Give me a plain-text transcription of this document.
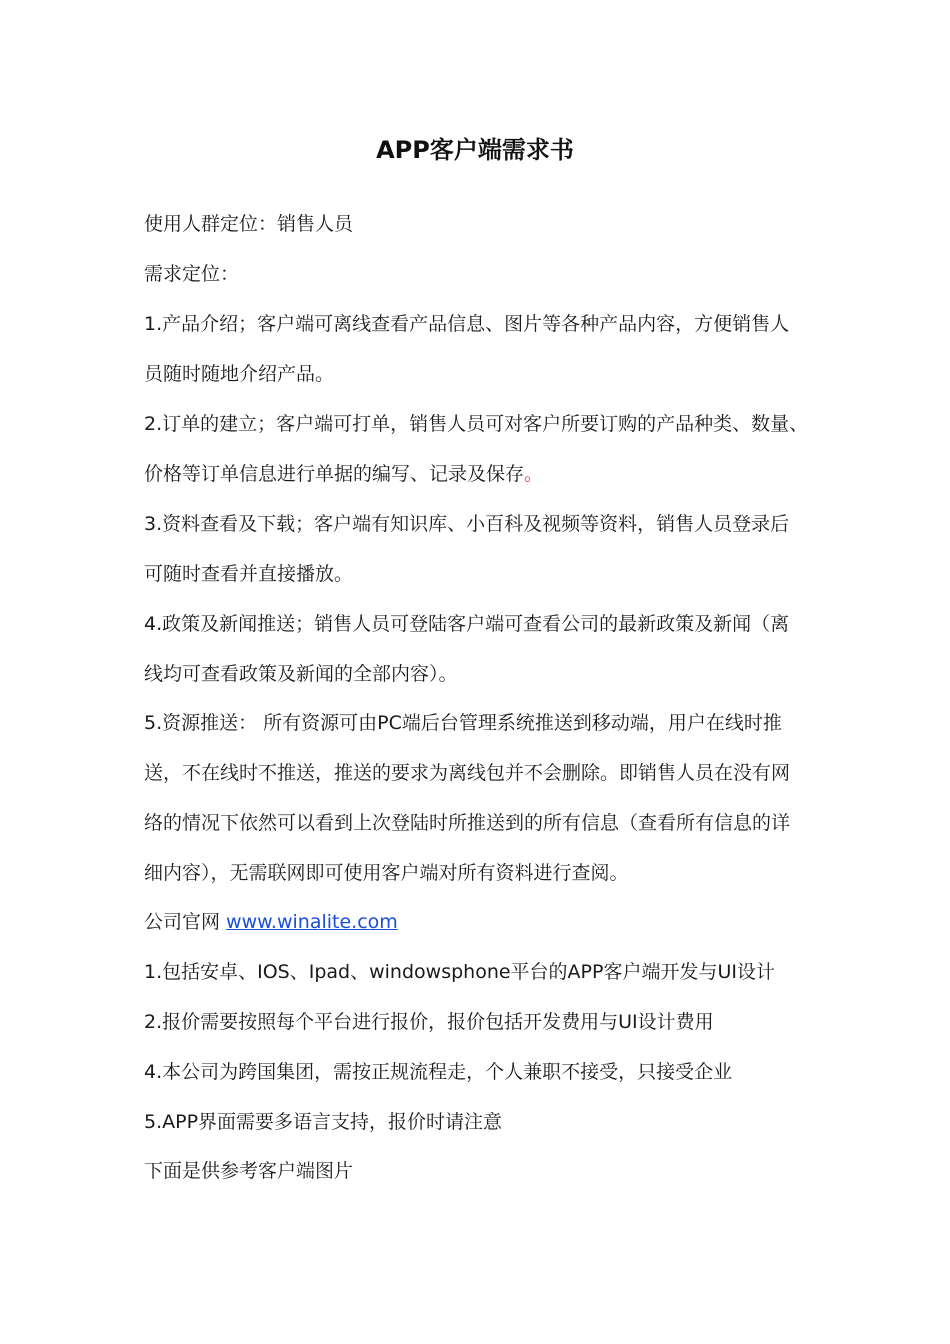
APP客户端需求书

使用人群定位：销售人员

需求定位：

1.产品介绍；客户端可离线查看产品信息、图片等各种产品内容，方便销售人

员随时随地介绍产品。

2.订单的建立；客户端可打单，销售人员可对客户所要订购的产品种类、数量、

价格等订单信息进行单据的编写、记录及保存。

3.资料查看及下载；客户端有知识库、小百科及视频等资料，销售人员登录后

可随时查看并直接播放。

4.政策及新闻推送；销售人员可登陆客户端可查看公司的最新政策及新闻（离

线均可查看政策及新闻的全部内容）。

5.资源推送： 所有资源可由PC端后台管理系统推送到移动端，用户在线时推

送，不在线时不推送，推送的要求为离线包并不会删除。即销售人员在没有网

络的情况下依然可以看到上次登陆时所推送到的所有信息（查看所有信息的详

细内容），无需联网即可使用客户端对所有资料进行查阅。

公司官网 www.winalite.com

1.包括安卓、IOS、Ipad、windowsphone平台的APP客户端开发与UI设计

2.报价需要按照每个平台进行报价，报价包括开发费用与UI设计费用

4.本公司为跨国集团，需按正规流程走，个人兼职不接受，只接受企业

5.APP界面需要多语言支持，报价时请注意

下面是供参考客户端图片
